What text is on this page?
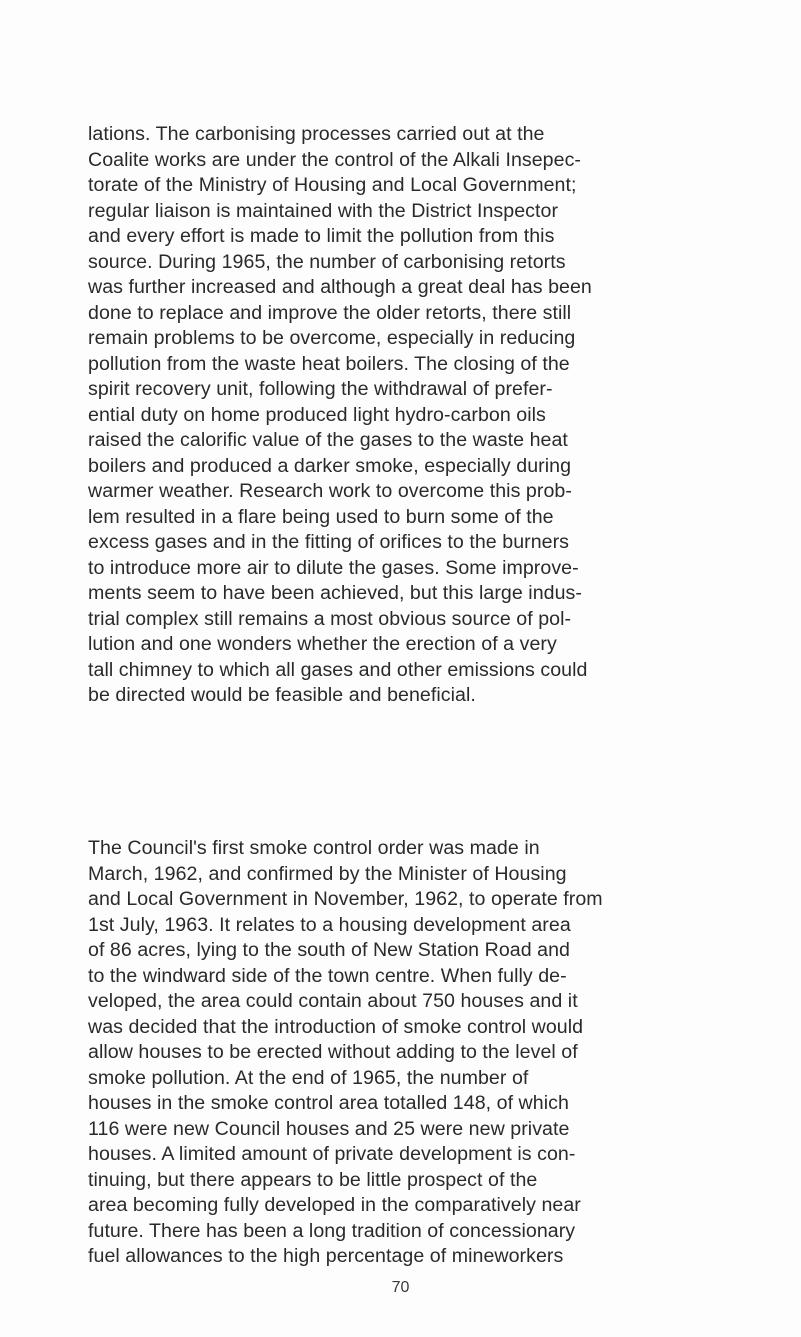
lations. The carbonising processes carried out at the
Coalite works are under the control of the Alkali Insepec-
torate of the Ministry of Housing and Local Government;
regular liaison is maintained with the District Inspector
and every effort is made to limit the pollution from this
source. During 1965, the number of carbonising retorts
was further increased and although a great deal has been
done to replace and improve the older retorts, there still
remain problems to be overcome, especially in reducing
pollution from the waste heat boilers. The closing of the
spirit recovery unit, following the withdrawal of prefer-
ential duty on home produced light hydro-carbon oils
raised the calorific value of the gases to the waste heat
boilers and produced a darker smoke, especially during
warmer weather. Research work to overcome this prob-
lem resulted in a flare being used to burn some of the
excess gases and in the fitting of orifices to the burners
to introduce more air to dilute the gases. Some improve-
ments seem to have been achieved, but this large indus-
trial complex still remains a most obvious source of pol-
lution and one wonders whether the erection of a very
tall chimney to which all gases and other emissions could
be directed would be feasible and beneficial.
The Council's first smoke control order was made in
March, 1962, and confirmed by the Minister of Housing
and Local Government in November, 1962, to operate from
1st July, 1963. It relates to a housing development area
of 86 acres, lying to the south of New Station Road and
to the windward side of the town centre. When fully de-
veloped, the area could contain about 750 houses and it
was decided that the introduction of smoke control would
allow houses to be erected without adding to the level of
smoke pollution. At the end of 1965, the number of
houses in the smoke control area totalled 148, of which
116 were new Council houses and 25 were new private
houses. A limited amount of private development is con-
tinuing, but there appears to be little prospect of the
area becoming fully developed in the comparatively near
future. There has been a long tradition of concessionary
fuel allowances to the high percentage of mineworkers
70
